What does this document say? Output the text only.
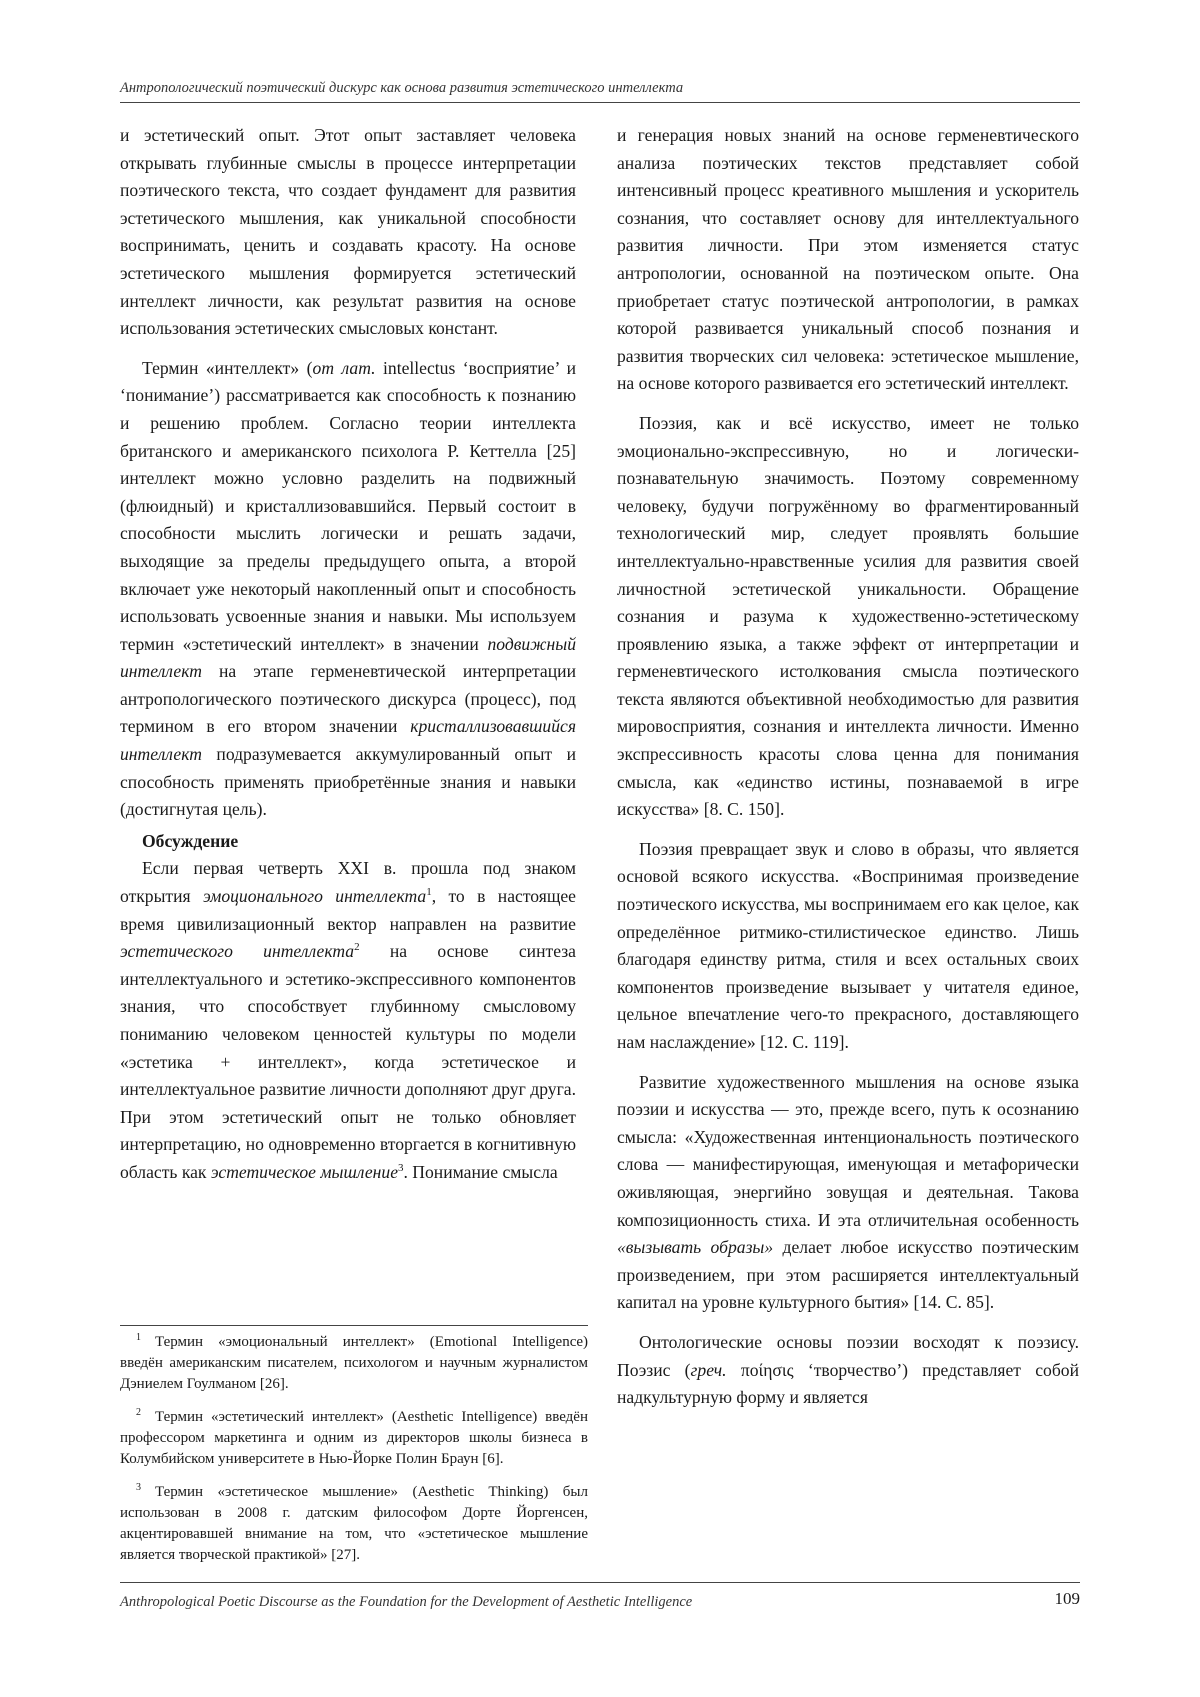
Антропологический поэтический дискурс как основа развития эстетического интеллекта

и эстетический опыт. Этот опыт заставляет человека открывать глубинные смыслы в процессе интерпретации поэтического текста, что создает фундамент для развития эстетического мышления, как уникальной способности воспринимать, ценить и создавать красоту. На основе эстетического мышления формируется эстетический интеллект личности, как результат развития на основе использования эстетических смысловых констант.

Термин «интеллект» (от лат. intellectus ‘восприятие’ и ‘понимание’) рассматривается как способность к познанию и решению проблем. Согласно теории интеллекта британского и американского психолога Р. Кеттелла [25] интеллект можно условно разделить на подвижный (флюидный) и кристаллизовавшийся. Первый состоит в способности мыслить логически и решать задачи, выходящие за пределы предыдущего опыта, а второй включает уже некоторый накопленный опыт и способность использовать усвоенные знания и навыки. Мы используем термин «эстетический интеллект» в значении подвижный интеллект на этапе герменевтической интерпретации антропологического поэтического дискурса (процесс), под термином в его втором значении кристаллизовавшийся интеллект подразумевается аккумулированный опыт и способность применять приобретённые знания и навыки (достигнутая цель).

Обсуждение

Если первая четверть XXI в. прошла под знаком открытия эмоционального интеллекта$^1$, то в настоящее время цивилизационный вектор направлен на развитие эстетического интеллекта$^2$ на основе синтеза интеллектуального и эстетико-экспрессивного компонентов знания, что способствует глубинному смысловому пониманию человеком ценностей культуры по модели «эстетика + интеллект», когда эстетическое и интеллектуальное развитие личности дополняют друг друга. При этом эстетический опыт не только обновляет интерпретацию, но одновременно вторгается в когнитивную область как эстетическое мышление$^3$. Понимание смысла

$^1$ Термин «эмоциональный интеллект» (Emotional Intelligence) введён американским писателем, психологом и научным журналистом Дэниелем Гоулманом [26].

$^2$ Термин «эстетический интеллект» (Aesthetic Intelligence) введён профессором маркетинга и одним из директоров школы бизнеса в Колумбийском университете в Нью-Йорке Полин Браун [6].

$^3$ Термин «эстетическое мышление» (Aesthetic Thinking) был использован в 2008 г. датским философом Дорте Йоргенсен, акцентировавшей внимание на том, что «эстетическое мышление является творческой практикой» [27].

и генерация новых знаний на основе герменевтического анализа поэтических текстов представляет собой интенсивный процесс креативного мышления и ускоритель сознания, что составляет основу для интеллектуального развития личности. При этом изменяется статус антропологии, основанной на поэтическом опыте. Она приобретает статус поэтической антропологии, в рамках которой развивается уникальный способ познания и развития творческих сил человека: эстетическое мышление, на основе которого развивается его эстетический интеллект.

Поэзия, как и всё искусство, имеет не только эмоционально-экспрессивную, но и логически-познавательную значимость. Поэтому современному человеку, будучи погружённому во фрагментированный технологический мир, следует проявлять большие интеллектуально-нравственные усилия для развития своей личностной эстетической уникальности. Обращение сознания и разума к художественно-эстетическому проявлению языка, а также эффект от интерпретации и герменевтического истолкования смысла поэтического текста являются объективной необходимостью для развития мировосприятия, сознания и интеллекта личности. Именно экспрессивность красоты слова ценна для понимания смысла, как «единство истины, познаваемой в игре искусства» [8. С. 150].

Поэзия превращает звук и слово в образы, что является основой всякого искусства. «Воспринимая произведение поэтического искусства, мы воспринимаем его как целое, как определённое ритмико-стилистическое единство. Лишь благодаря единству ритма, стиля и всех остальных своих компонентов произведение вызывает у читателя единое, цельное впечатление чего-то прекрасного, доставляющего нам наслаждение» [12. С. 119].

Развитие художественного мышления на основе языка поэзии и искусства — это, прежде всего, путь к осознанию смысла: «Художественная интенциональность поэтического слова — манифестирующая, именующая и метафорически оживляющая, энергийно зовущая и деятельная. Такова композиционность стиха. И эта отличительная особенность «вызывать образы» делает любое искусство поэтическим произведением, при этом расширяется интеллектуальный капитал на уровне культурного бытия» [14. С. 85].

Онтологические основы поэзии восходят к поэзису. Поэзис (греч. ποίησις ‘творчество’) представляет собой надкультурную форму и является

Anthropological Poetic Discourse as the Foundation for the Development of Aesthetic Intelligence	109
